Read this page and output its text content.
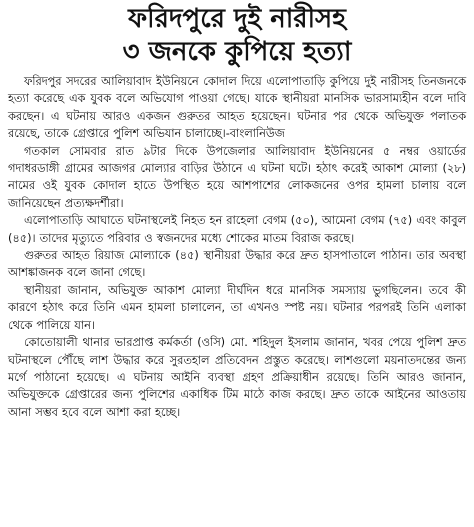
ফরিদপুরে দুই নারীসহ
৩ জনকে কুপিয়ে হত্যা

ফরিদপুর সদরের আলিয়াবাদ ইউনিয়নে কোদাল দিয়ে এলোপাতাড়ি কুপিয়ে দুই নারীসহ তিনজনকে হত্যা করেছে এক যুবক বলে অভিযোগ পাওয়া গেছে। যাকে স্থানীয়রা মানসিক ভারসাম্যহীন বলে দাবি করছেন। এ ঘটনায় আরও একজন গুরুতর আহত হয়েছেন। ঘটনার পর থেকে অভিযুক্ত পলাতক রয়েছে, তাকে গ্রেপ্তারে পুলিশ অভিযান চালাচ্ছে।-বাংলানিউজ

গতকাল সোমবার রাত ৯টার দিকে উপজেলার আলিয়াবাদ ইউনিয়নের ৫ নম্বর ওয়ার্ডের গদাধরডাঙ্গী গ্রামের আজগর মোল্যার বাড়ির উঠানে এ ঘটনা ঘটে। হঠাৎ করেই আকাশ মোল্যা (২৮) নামের ওই যুবক কোদাল হাতে উপস্থিত হয়ে আশপাশের লোকজনের ওপর হামলা চালায় বলে জানিয়েছেন প্রত্যক্ষদর্শীরা।

এলোপাতাড়ি আঘাতে ঘটনাস্থলেই নিহত হন রাহেলা বেগম (৫০), আমেনা বেগম (৭৫) এবং কাবুল (৪৫)। তাদের মৃত্যুতে পরিবার ও স্বজনদের মধ্যে শোকের মাতম বিরাজ করছে।

গুরুতর আহত রিয়াজ মোল্যাকে (৪৫) স্থানীয়রা উদ্ধার করে দ্রুত হাসপাতালে পাঠান। তার অবস্থা আশঙ্কাজনক বলে জানা গেছে।

স্থানীয়রা জানান, অভিযুক্ত আকাশ মোল্যা দীর্ঘদিন ধরে মানসিক সমস্যায় ভুগছিলেন। তবে কী কারণে হঠাৎ করে তিনি এমন হামলা চালালেন, তা এখনও স্পষ্ট নয়। ঘটনার পরপরই তিনি এলাকা থেকে পালিয়ে যান।

কোতোয়ালী থানার ভারপ্রাপ্ত কর্মকর্তা (ওসি) মো. শহিদুল ইসলাম জানান, খবর পেয়ে পুলিশ দ্রুত ঘটনাস্থলে পৌঁছে লাশ উদ্ধার করে সুরতহাল প্রতিবেদন প্রস্তুত করেছে। লাশগুলো ময়নাতদন্তের জন্য মর্গে পাঠানো হয়েছে। এ ঘটনায় আইনি ব্যবস্থা গ্রহণ প্রক্রিয়াধীন রয়েছে। তিনি আরও জানান, অভিযুক্তকে গ্রেপ্তারের জন্য পুলিশের একাধিক টিম মাঠে কাজ করছে। দ্রুত তাকে আইনের আওতায় আনা সম্ভব হবে বলে আশা করা হচ্ছে।
